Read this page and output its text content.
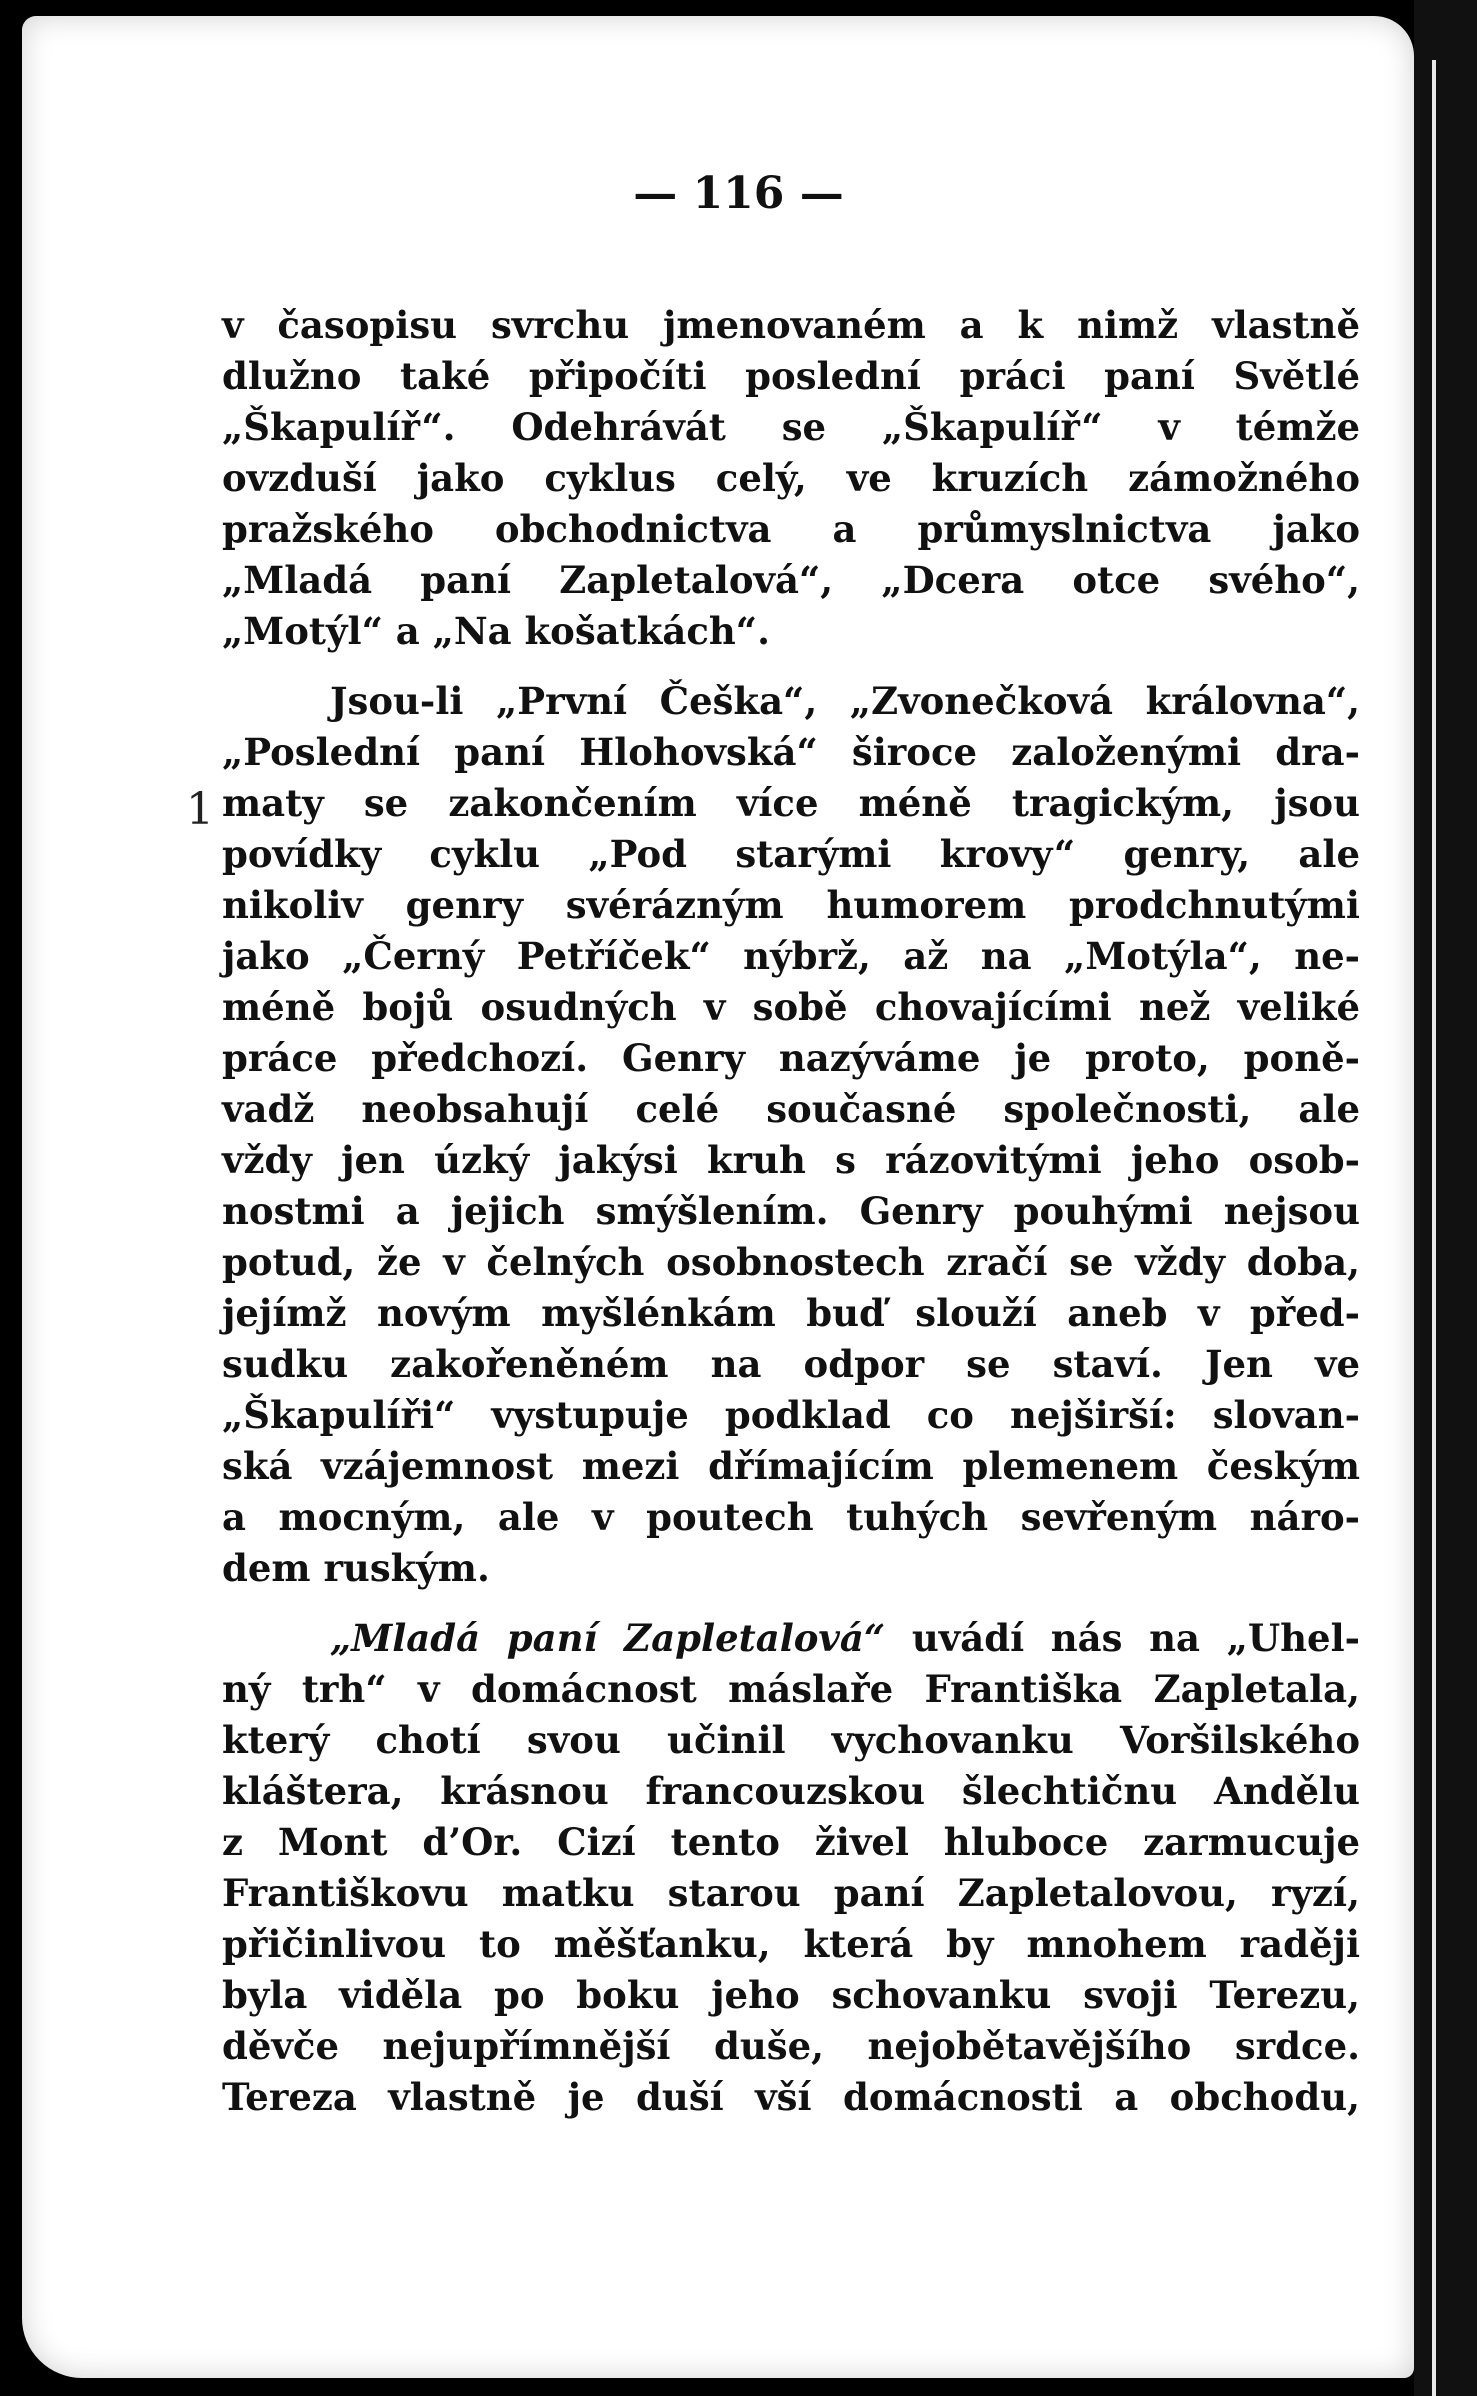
— 116 —
1
v časopisu svrchu jmenovaném a k nimž vlastně
dlužno také připočíti poslední práci paní Světlé
„Škapulíř“. Odehrávát se „Škapulíř“ v témže
ovzduší jako cyklus celý, ve kruzích zámožného
pražského obchodnictva a průmyslnictva jako
„Mladá paní Zapletalová“, „Dcera otce svého“,
„Motýl“ a „Na košatkách“.
Jsou-li „První Češka“, „Zvonečková královna“,
„Poslední paní Hlohovská“ široce založenými dra-
maty se zakončením více méně tragickým, jsou
povídky cyklu „Pod starými krovy“ genry, ale
nikoliv genry svérázným humorem prodchnutými
jako „Černý Petříček“ nýbrž, až na „Motýla“, ne-
méně bojů osudných v sobě chovajícími než veliké
práce předchozí. Genry nazýváme je proto, poně-
vadž neobsahují celé současné společnosti, ale
vždy jen úzký jakýsi kruh s rázovitými jeho osob-
nostmi a jejich smýšlením. Genry pouhými nejsou
potud, že v čelných osobnostech zračí se vždy doba,
jejímž novým myšlénkám buď slouží aneb v před-
sudku zakořeněném na odpor se staví. Jen ve
„Škapulíři“ vystupuje podklad co nejširší: slovan-
ská vzájemnost mezi dřímajícím plemenem českým
a mocným, ale v poutech tuhých sevřeným náro-
dem ruským.
„Mladá paní Zapletalová“ uvádí nás na „Uhel-
ný trh“ v domácnost máslaře Františka Zapletala,
který chotí svou učinil vychovanku Voršilského
kláštera, krásnou francouzskou šlechtičnu Andělu
z Mont d’Or. Cizí tento živel hluboce zarmucuje
Františkovu matku starou paní Zapletalovou, ryzí,
přičinlivou to měšťanku, která by mnohem raději
byla viděla po boku jeho schovanku svoji Terezu,
děvče nejupřímnější duše, nejobětavějšího srdce.
Tereza vlastně je duší vší domácnosti a obchodu,
